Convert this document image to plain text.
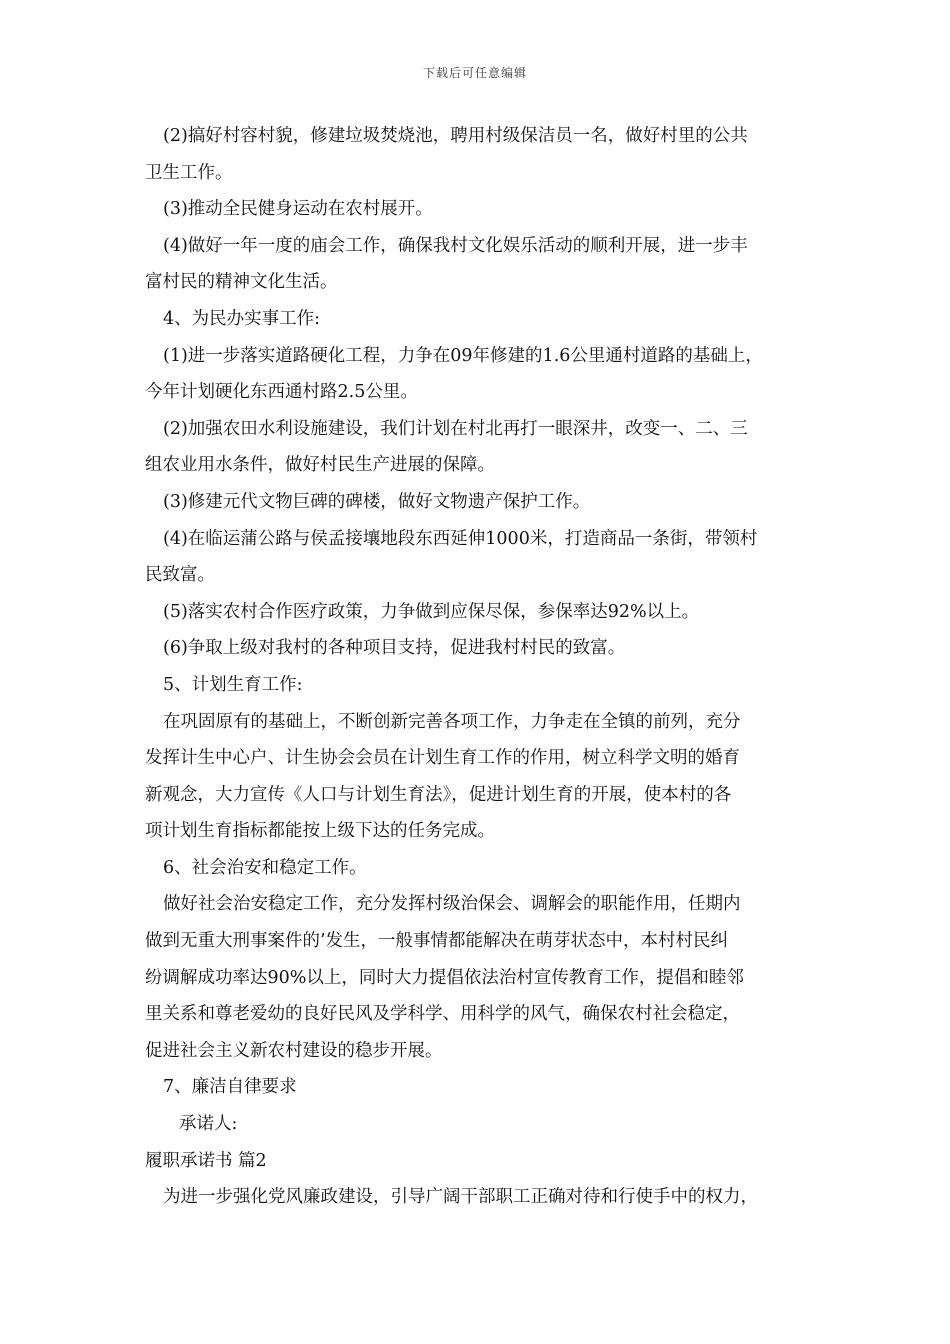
下载后可任意编辑

(2)搞好村容村貌，修建垃圾焚烧池，聘用村级保洁员一名，做好村里的公共

卫生工作。

(3)推动全民健身运动在农村展开。

(4)做好一年一度的庙会工作，确保我村文化娱乐活动的顺利开展，进一步丰

富村民的精神文化生活。

4、为民办实事工作:

(1)进一步落实道路硬化工程，力争在09年修建的1.6公里通村道路的基础上，

今年计划硬化东西通村路2.5公里。

(2)加强农田水利设施建设，我们计划在村北再打一眼深井，改变一、二、三

组农业用水条件，做好村民生产进展的保障。

(3)修建元代文物巨碑的碑楼，做好文物遗产保护工作。

(4)在临运蒲公路与侯孟接壤地段东西延伸1000米，打造商品一条街，带领村

民致富。

(5)落实农村合作医疗政策，力争做到应保尽保，参保率达92%以上。

(6)争取上级对我村的各种项目支持，促进我村村民的致富。

5、计划生育工作:

在巩固原有的基础上，不断创新完善各项工作，力争走在全镇的前列，充分

发挥计生中心户、计生协会会员在计划生育工作的作用，树立科学文明的婚育

新观念，大力宣传《人口与计划生育法》，促进计划生育的开展，使本村的各

项计划生育指标都能按上级下达的任务完成。

6、社会治安和稳定工作。

做好社会治安稳定工作，充分发挥村级治保会、调解会的职能作用，任期内

做到无重大刑事案件的’发生，一般事情都能解决在萌芽状态中，本村村民纠

纷调解成功率达90%以上，同时大力提倡依法治村宣传教育工作，提倡和睦邻

里关系和尊老爱幼的良好民风及学科学、用科学的风气，确保农村社会稳定，

促进社会主义新农村建设的稳步开展。

7、廉洁自律要求

承诺人:

履职承诺书 篇2

为进一步强化党风廉政建设，引导广阔干部职工正确对待和行使手中的权力，
